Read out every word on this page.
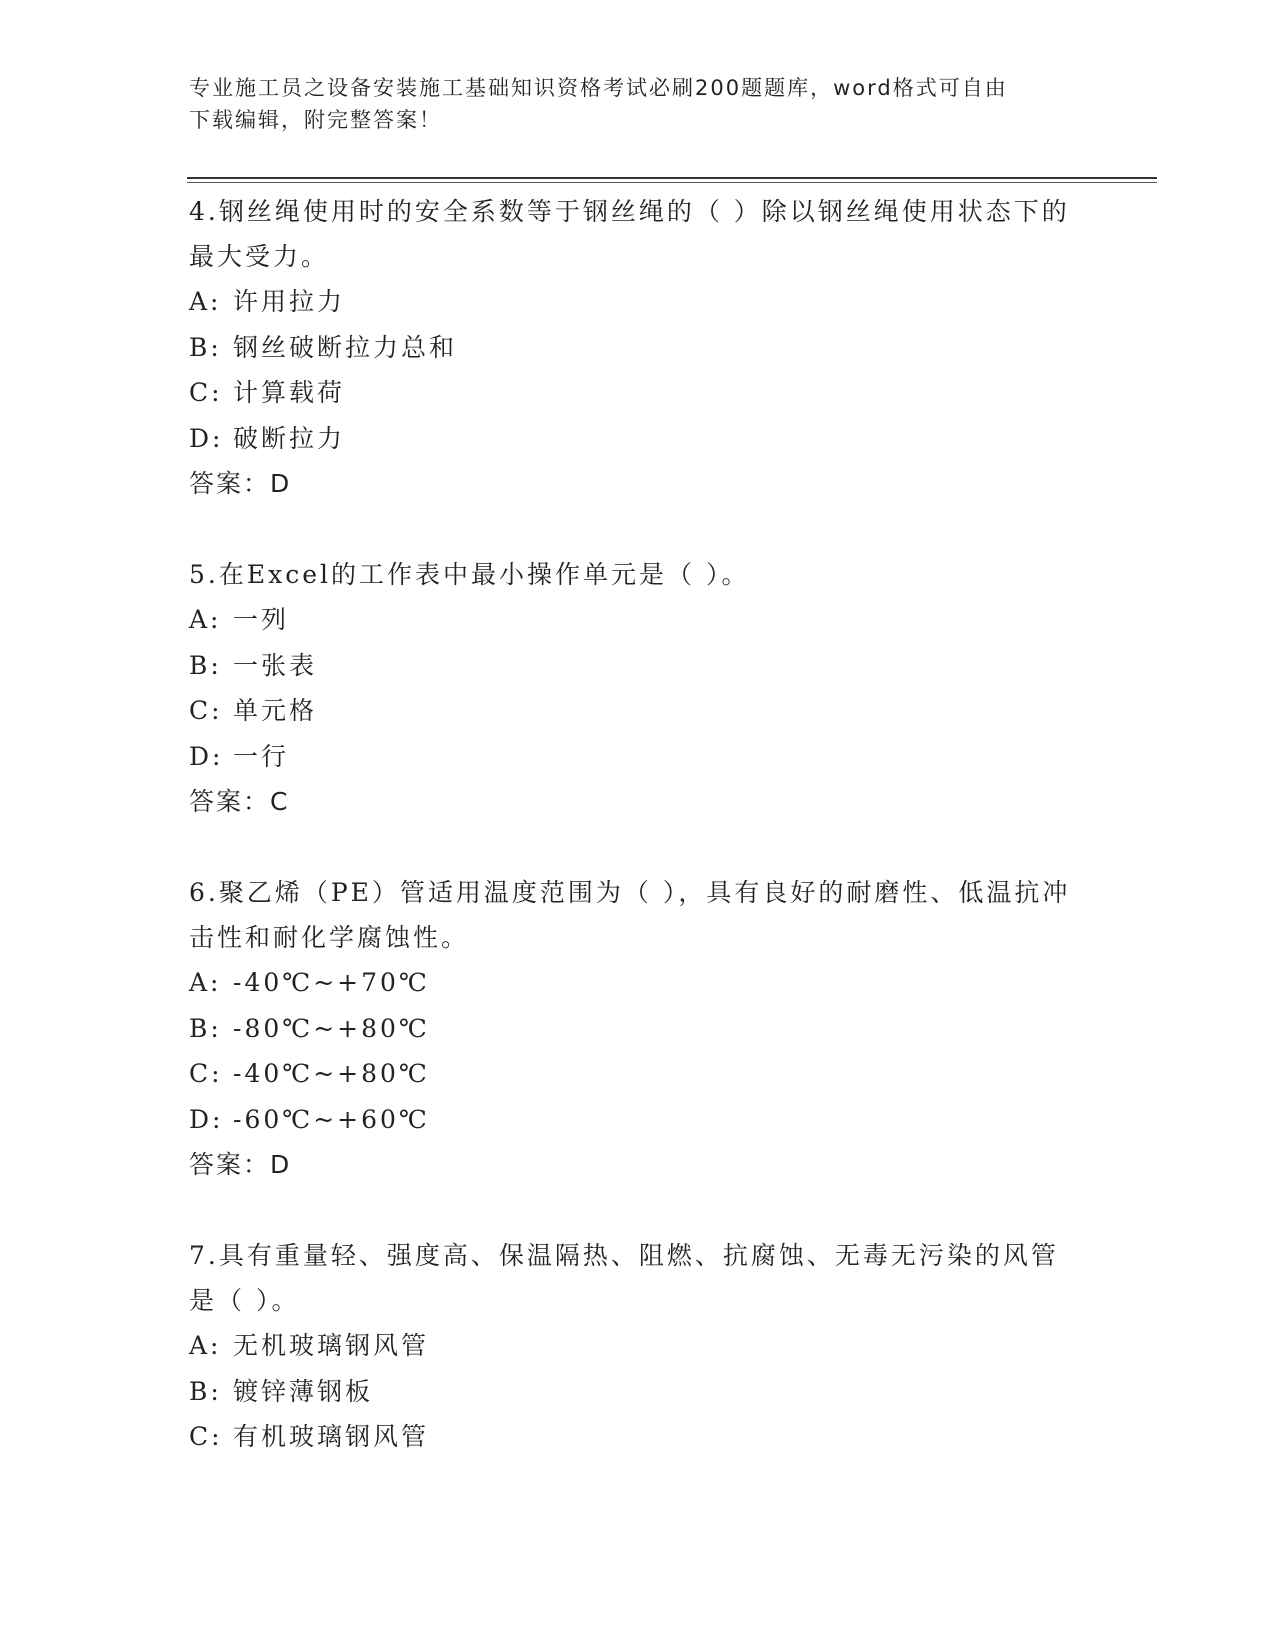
专业施工员之设备安装施工基础知识资格考试必刷200题题库，word格式可自由
下载编辑，附完整答案！
4.钢丝绳使用时的安全系数等于钢丝绳的（ ）除以钢丝绳使用状态下的最大受力。
A: 许用拉力
B: 钢丝破断拉力总和
C: 计算载荷
D: 破断拉力
答案：D
5.在Excel的工作表中最小操作单元是（ ）。
A: 一列
B: 一张表
C: 单元格
D: 一行
答案：C
6.聚乙烯（PE）管适用温度范围为（ ），具有良好的耐磨性、低温抗冲击性和耐化学腐蚀性。
A: -40℃~+70℃
B: -80℃~+80℃
C: -40℃~+80℃
D: -60℃~+60℃
答案：D
7.具有重量轻、强度高、保温隔热、阻燃、抗腐蚀、无毒无污染的风管是（ ）。
A: 无机玻璃钢风管
B: 镀锌薄钢板
C: 有机玻璃钢风管
